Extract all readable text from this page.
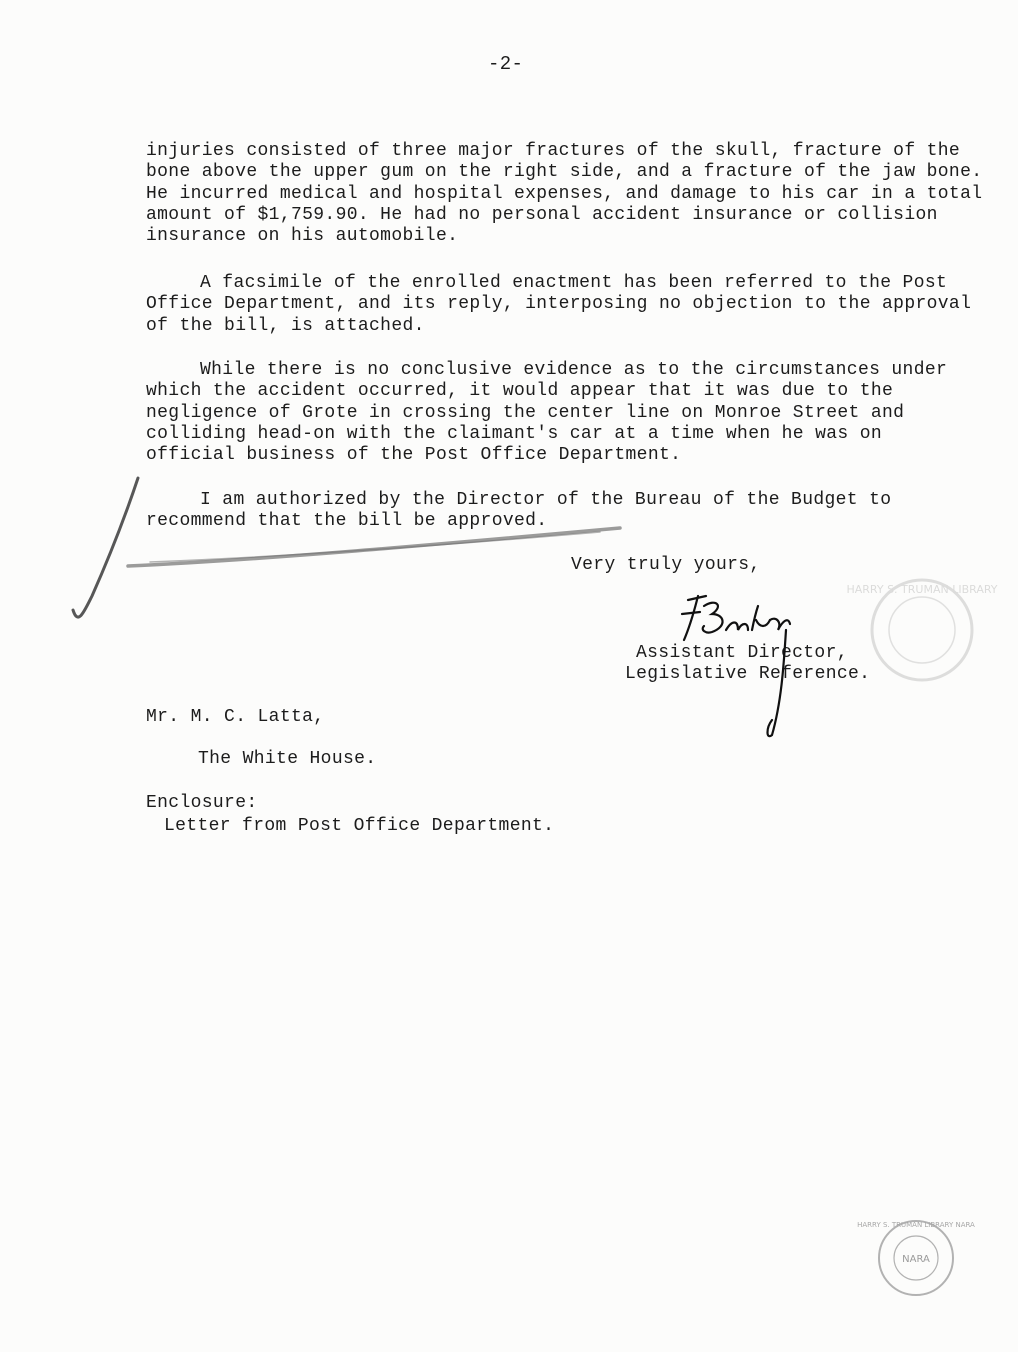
-2-
injuries consisted of three major fractures of the skull, fracture of the
bone above the upper gum on the right side, and a fracture of the jaw bone.
He incurred medical and hospital expenses, and damage to his car in a total
amount of $1,759.90. He had no personal accident insurance or collision
insurance on his automobile.
A facsimile of the enrolled enactment has been referred to the Post
Office Department, and its reply, interposing no objection to the approval
of the bill, is attached.
While there is no conclusive evidence as to the circumstances under
which the accident occurred, it would appear that it was due to the
negligence of Grote in crossing the center line on Monroe Street and
colliding head-on with the claimant's car at a time when he was on
official business of the Post Office Department.
I am authorized by the Director of the Bureau of the Budget to
recommend that the bill be approved.
Very truly yours,
Assistant Director,
Legislative Reference.
Mr. M. C. Latta,
The White House.
Enclosure:
Letter from Post Office Department.
HARRY S. TRUMAN LIBRARY
NARA
HARRY S. TRUMAN LIBRARY NARA
